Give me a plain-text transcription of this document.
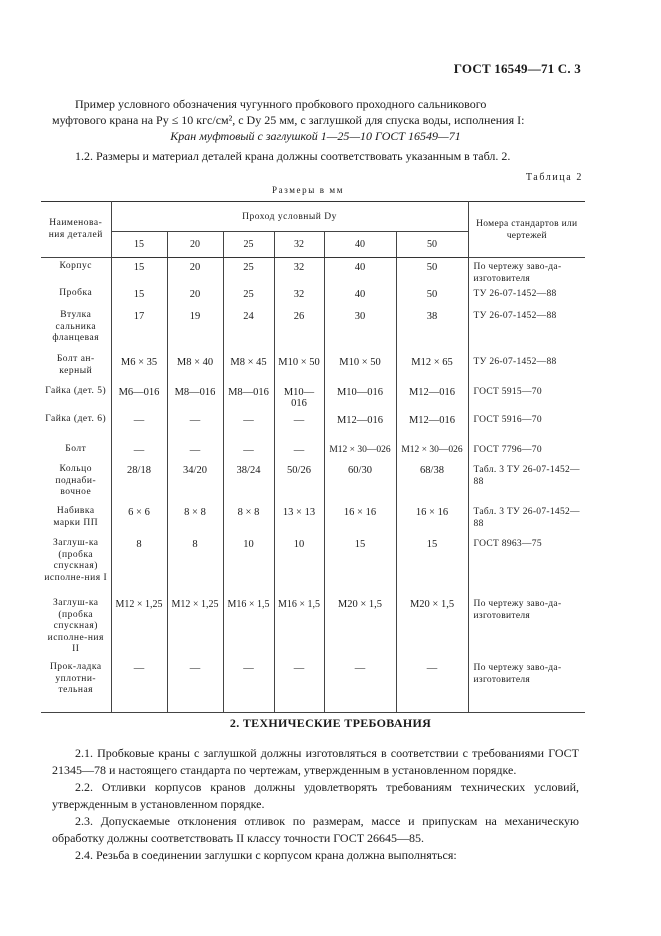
ГОСТ 16549—71 С. 3
Пример условного обозначения чугунного пробкового проходного сальникового
муфтового крана на Pу ≤ 10 кгс/см², с Dу 25 мм, с заглушкой для спуска воды, исполнения I:
Кран муфтовый с заглушкой 1—25—10 ГОСТ 16549—71
1.2. Размеры и материал деталей крана должны соответствовать указанным в табл. 2.
Таблица 2
Размеры в мм
Наименова-ния деталей	Проход условный Dу						Номера стандартов или чертежей
	15	20	25	32	40	50	
Корпус	15	20	25	32	40	50	По чертежу заво-да-изготовителя
Пробка	15	20	25	32	40	50	ТУ 26-07-1452—88
Втулка сальника фланцевая	17	19	24	26	30	38	ТУ 26-07-1452—88
Болт ан-керный	М6 × 35	М8 × 40	М8 × 45	М10 × 50	М10 × 50	М12 × 65	ТУ 26-07-1452—88
Гайка (дет. 5)	М6—016	М8—016	М8—016	М10—016	М10—016	М12—016	ГОСТ 5915—70
Гайка (дет. 6)	—	—	—	—	М12—016	М12—016	ГОСТ 5916—70
Болт	—	—	—	—	М12 × 30—026	М12 × 30—026	ГОСТ 7796—70
Кольцо поднаби-вочное	28/18	34/20	38/24	50/26	60/30	68/38	Табл. 3 ТУ 26-07-1452—88
Набивка марки ПП	6 × 6	8 × 8	8 × 8	13 × 13	16 × 16	16 × 16	Табл. 3 ТУ 26-07-1452—88
Заглуш-ка (пробка спускная) исполне-ния I	8	8	10	10	15	15	ГОСТ 8963—75
Заглуш-ка (пробка спускная) исполне-ния II	М12 × 1,25	М12 × 1,25	М16 × 1,5	М16 × 1,5	М20 × 1,5	М20 × 1,5	По чертежу заво-да-изготовителя
Прок-ладка уплотни-тельная	—	—	—	—	—	—	По чертежу заво-да-изготовителя
2. ТЕХНИЧЕСКИЕ ТРЕБОВАНИЯ
2.1. Пробковые краны с заглушкой должны изготовляться в соответствии с требованиями ГОСТ 21345—78 и настоящего стандарта по чертежам, утвержденным в установленном порядке.
2.2. Отливки корпусов кранов должны удовлетворять требованиям технических условий, утвержденным в установленном порядке.
2.3. Допускаемые отклонения отливок по размерам, массе и припускам на механическую обработку должны соответствовать II классу точности ГОСТ 26645—85.
2.4. Резьба в соединении заглушки с корпусом крана должна выполняться:
